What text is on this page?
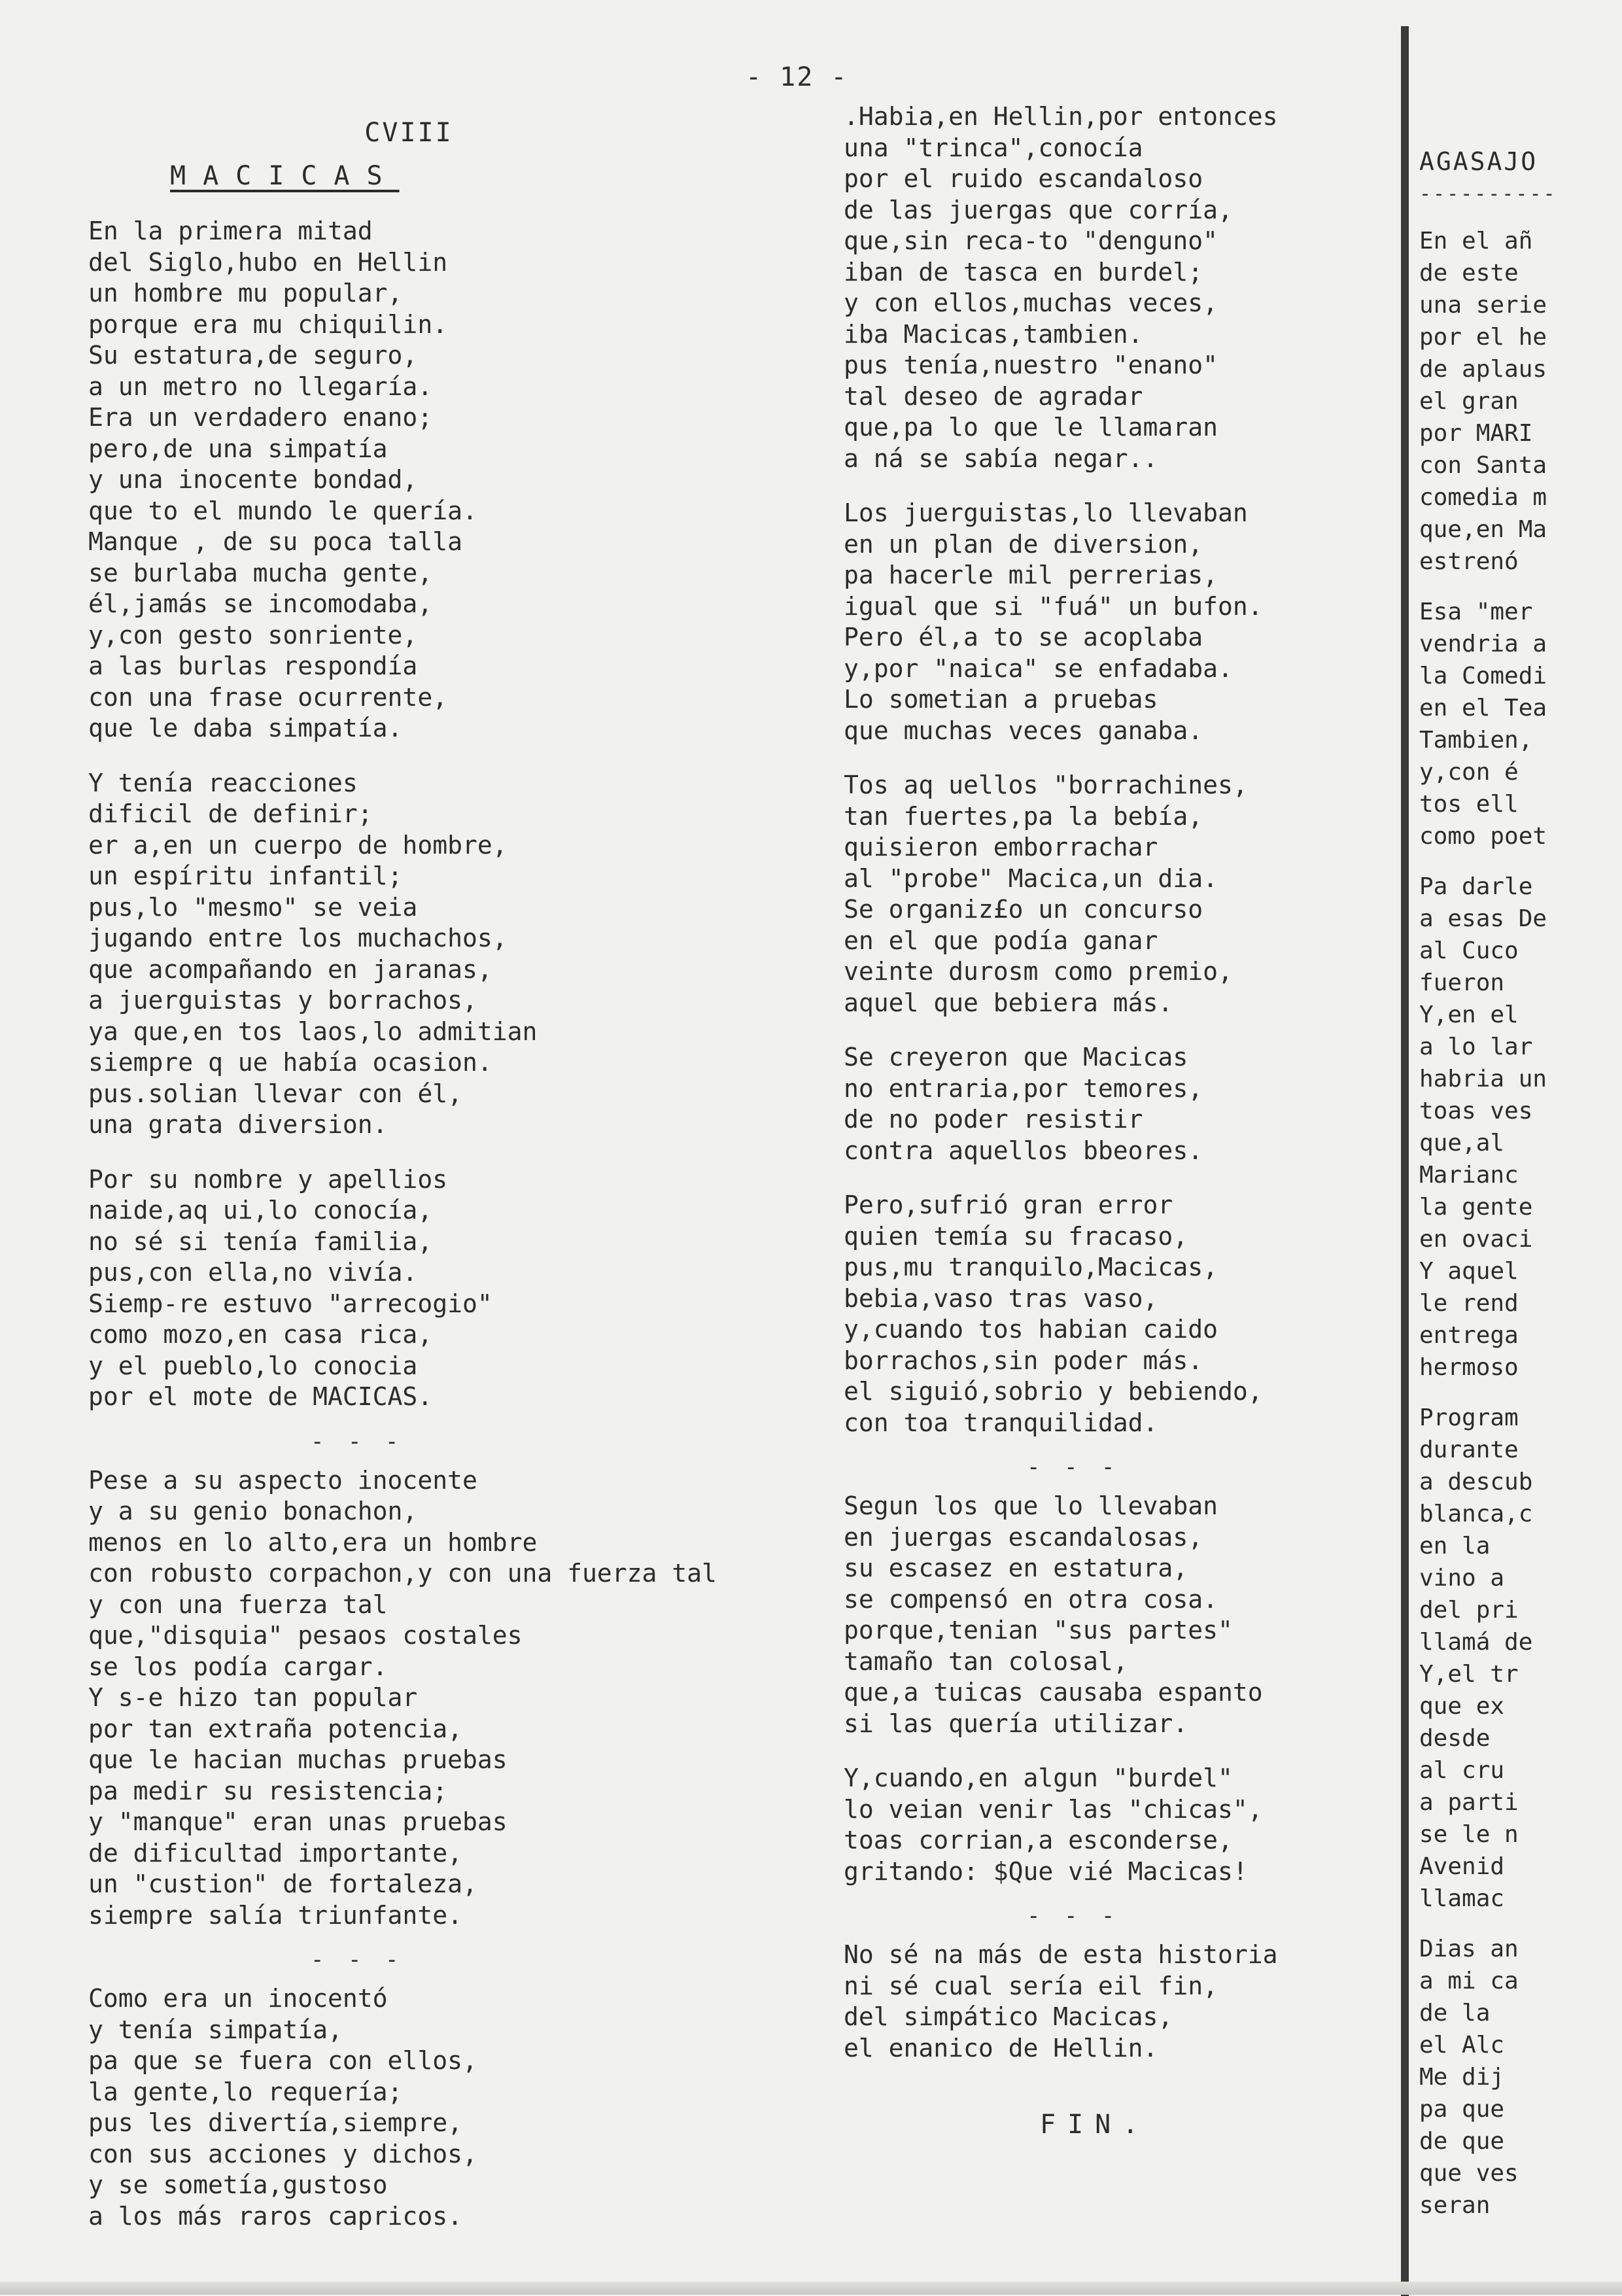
- 12 -
CVIII
MACICAS
En la primera mitad
del Siglo,hubo en Hellin
un hombre mu popular,
porque era mu chiquilin.
Su estatura,de seguro,
a un metro no llegaría.
Era un verdadero enano;
pero,de una simpatía
y una inocente bondad,
que to el mundo le quería.
Manque , de su poca talla
se burlaba mucha gente,
él,jamás se incomodaba,
y,con gesto sonriente,
a las burlas respondía
con una frase ocurrente,
que le daba simpatía.
Y tenía reacciones
dificil de definir;
er a,en un cuerpo de hombre,
un espíritu infantil;
pus,lo "mesmo" se veia
jugando entre los muchachos,
que acompañando en jaranas,
a juerguistas y borrachos,
ya que,en tos laos,lo admitian
siempre q ue había ocasion.
pus.solian llevar con él,
una grata diversion.
Por su nombre y apellios
naide,aq ui,lo conocía,
no sé si tenía familia,
pus,con ella,no vivía.
Siemp-re estuvo "arrecogio"
como mozo,en casa rica,
y el pueblo,lo conocia
por el mote de MACICAS.
- - -
Pese a su aspecto inocente
y a su genio bonachon,
menos en lo alto,era un hombre
con robusto corpachon,y con una fuerza tal
y con una fuerza tal
que,"disquia" pesaos costales
se los podía cargar.
Y s-e hizo tan popular
por tan extraña potencia,
que le hacian muchas pruebas
pa medir su resistencia;
y "manque" eran unas pruebas
de dificultad importante,
un "custion" de fortaleza,
siempre salía triunfante.
- - -
Como era un inocentó
y tenía simpatía,
pa que se fuera con ellos,
la gente,lo requería;
pus les divertía,siempre,
con sus acciones y dichos,
y se sometía,gustoso
a los más raros capricos.
.Habia,en Hellin,por entonces
una "trinca",conocía
por el ruido escandaloso
de las juergas que corría,
que,sin reca-to "denguno"
iban de tasca en burdel;
y con ellos,muchas veces,
iba Macicas,tambien.
pus tenía,nuestro "enano"
tal deseo de agradar
que,pa lo que le llamaran
a ná se sabía negar..
Los juerguistas,lo llevaban
en un plan de diversion,
pa hacerle mil perrerias,
igual que si "fuá" un bufon.
Pero él,a to se acoplaba
y,por "naica" se enfadaba.
Lo sometian a pruebas
que muchas veces ganaba.
Tos aq uellos "borrachines,
tan fuertes,pa la bebía,
quisieron emborrachar
al "probe" Macica,un dia.
Se organiz£o un concurso
en el que podía ganar
veinte durosm como premio,
aquel que bebiera más.
Se creyeron que Macicas
no entraria,por temores,
de no poder resistir
contra aquellos bbeores.
Pero,sufrió gran error
quien temía su fracaso,
pus,mu tranquilo,Macicas,
bebia,vaso tras vaso,
y,cuando tos habian caido
borrachos,sin poder más.
el siguió,sobrio y bebiendo,
con toa tranquilidad.
- - -
Segun los que lo llevaban
en juergas escandalosas,
su escasez en estatura,
se compensó en otra cosa.
porque,tenian "sus partes"
tamaño tan colosal,
que,a tuicas causaba espanto
si las quería utilizar.
Y,cuando,en algun "burdel"
lo veian venir las "chicas",
toas corrian,a esconderse,
gritando: $Que vié Macicas!
- - -
No sé na más de esta historia
ni sé cual sería eil fin,
del simpático Macicas,
el enanico de Hellin.
FIN.
AGASAJO
----------
En el añ
de este
una serie
por el he
de aplaus
el gran
por MARI
con Santa
comedia m
que,en Ma
estrenó
Esa "mer
vendria a
la Comedi
en el Tea
Tambien,
y,con é
tos ell
como poet
Pa darle
a esas De
al Cuco
fueron
Y,en el
a lo lar
habria un
toas ves
que,al
Marianc
la gente
en ovaci
Y aquel
le rend
entrega
hermoso
Program
durante
a descub
blanca,c
en la
vino a
del pri
llamá de
Y,el tr
que ex
desde
al cru
a parti
se le n
Avenid
llamac
Dias an
a mi ca
de la
el Alc
Me dij
pa que
de que
que ves
seran
